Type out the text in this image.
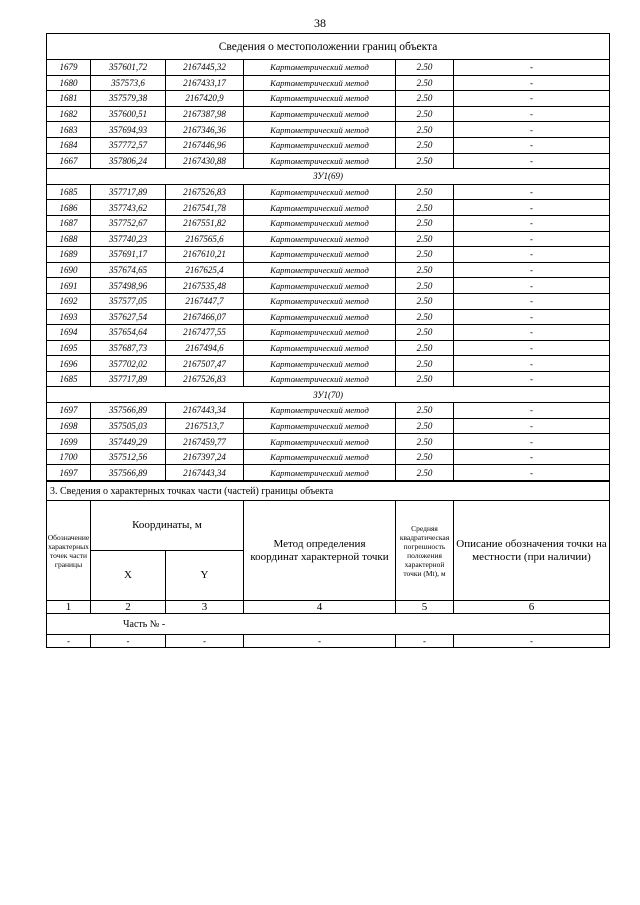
38
Сведения о местоположении границ объекта					
1679	357601,72	2167445,32	Картометрический метод	2.50	-
1680	357573,6	2167433,17	Картометрический метод	2.50	-
1681	357579,38	2167420,9	Картометрический метод	2.50	-
1682	357600,51	2167387,98	Картометрический метод	2.50	-
1683	357694,93	2167346,36	Картометрический метод	2.50	-
1684	357772,57	2167446,96	Картометрический метод	2.50	-
1667	357806,24	2167430,88	Картометрический метод	2.50	-
ЗУ1(69)					
1685	357717,89	2167526,83	Картометрический метод	2.50	-
1686	357743,62	2167541,78	Картометрический метод	2.50	-
1687	357752,67	2167551,82	Картометрический метод	2.50	-
1688	357740,23	2167565,6	Картометрический метод	2.50	-
1689	357691,17	2167610,21	Картометрический метод	2.50	-
1690	357674,65	2167625,4	Картометрический метод	2.50	-
1691	357498,96	2167535,48	Картометрический метод	2.50	-
1692	357577,05	2167447,7	Картометрический метод	2.50	-
1693	357627,54	2167466,07	Картометрический метод	2.50	-
1694	357654,64	2167477,55	Картометрический метод	2.50	-
1695	357687,73	2167494,6	Картометрический метод	2.50	-
1696	357702,02	2167507,47	Картометрический метод	2.50	-
1685	357717,89	2167526,83	Картометрический метод	2.50	-
ЗУ1(70)					
1697	357566,89	2167443,34	Картометрический метод	2.50	-
1698	357505,03	2167513,7	Картометрический метод	2.50	-
1699	357449,29	2167459,77	Картометрический метод	2.50	-
1700	357512,56	2167397,24	Картометрический метод	2.50	-
1697	357566,89	2167443,34	Картометрический метод	2.50	-
3. Сведения о характерных точках части (частей) границы объекта					
Обозначение характерных точек части границы	Координаты, м		Метод определения координат характерной точки	Средняя квадратическая погрешность положения характерной точки (Мt), м	Описание обозначения точки на местности (при наличии)
	X	Y			
1	2	3	4	5	6
Часть № -					
-	-	-	-	-	-
